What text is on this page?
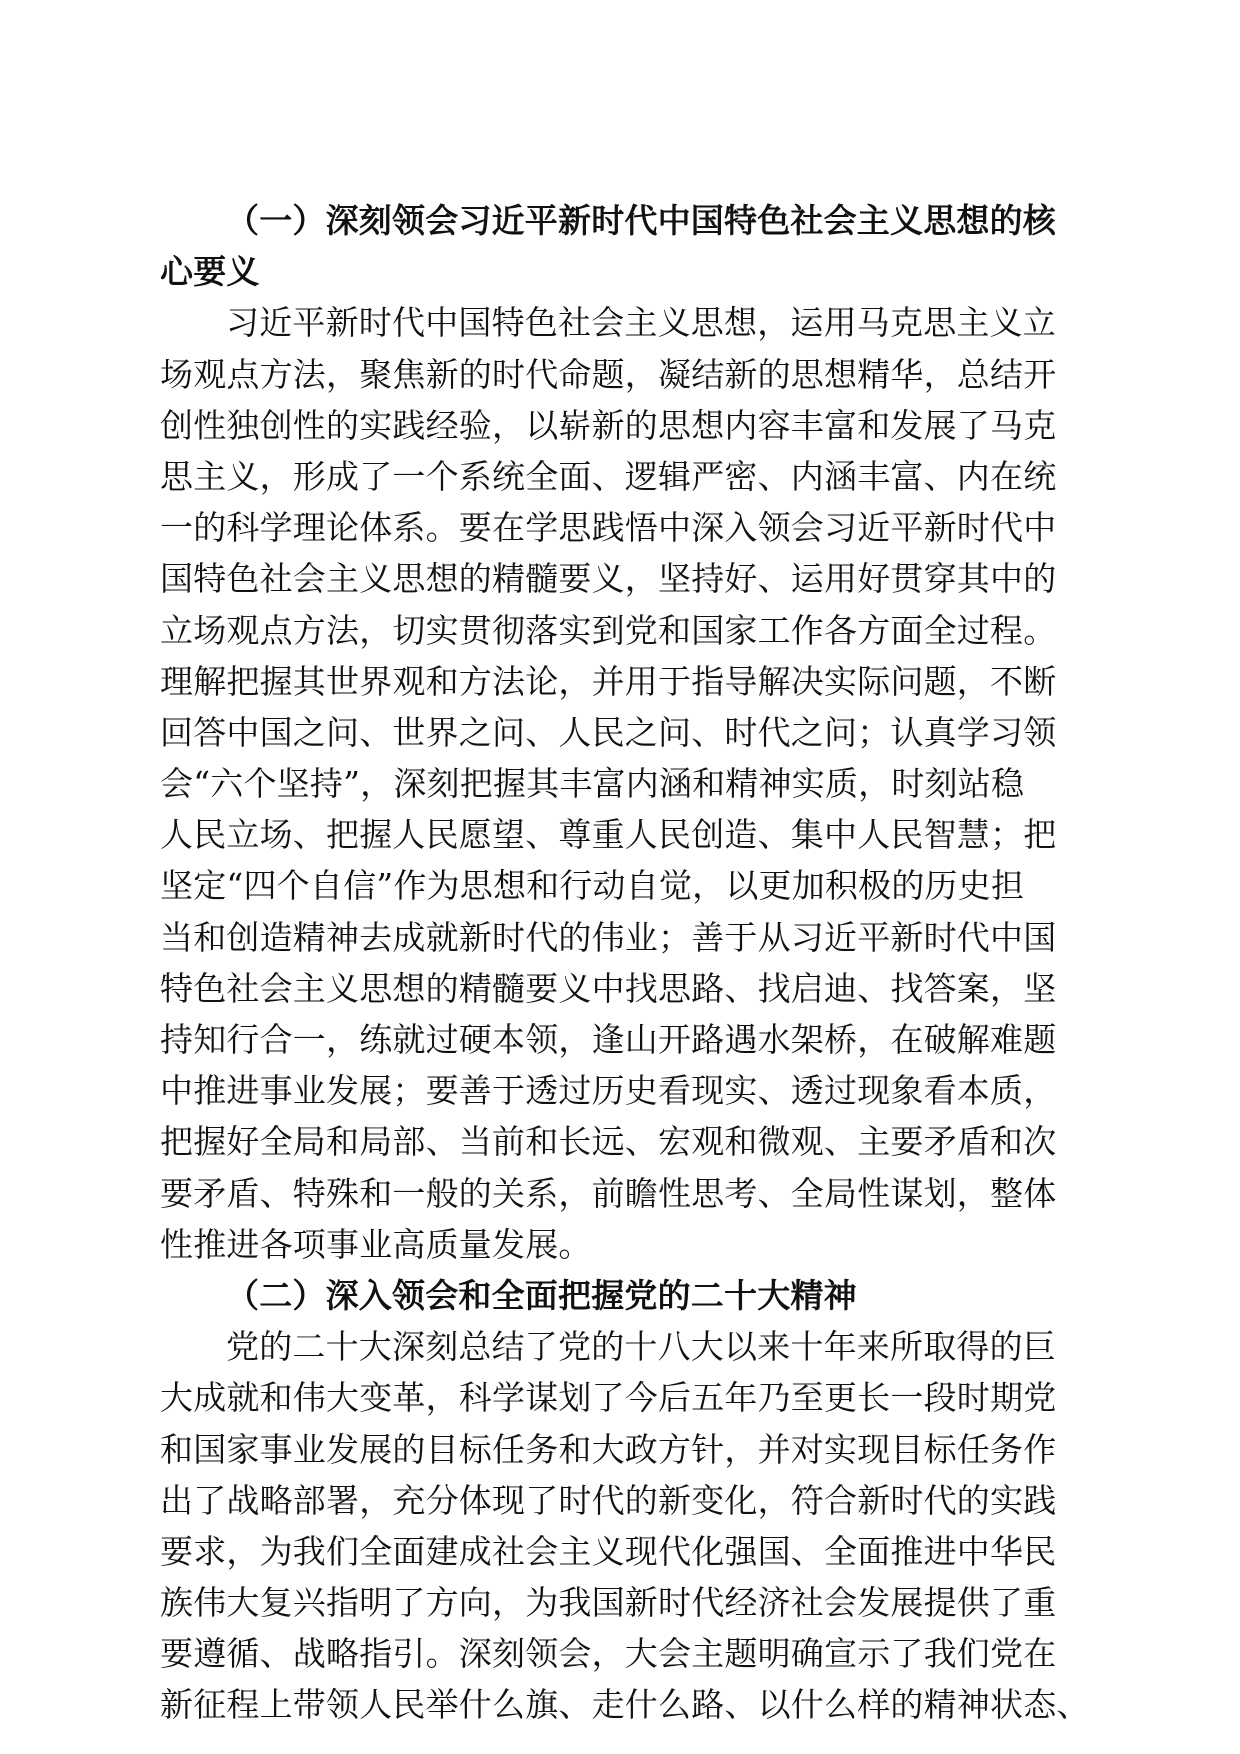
（一）深刻领会习近平新时代中国特色社会主义思想的核
心要义
习近平新时代中国特色社会主义思想，运用马克思主义立
场观点方法，聚焦新的时代命题，凝结新的思想精华，总结开
创性独创性的实践经验，以崭新的思想内容丰富和发展了马克
思主义，形成了一个系统全面、逻辑严密、内涵丰富、内在统
一的科学理论体系。要在学思践悟中深入领会习近平新时代中
国特色社会主义思想的精髓要义，坚持好、运用好贯穿其中的
立场观点方法，切实贯彻落实到党和国家工作各方面全过程。
理解把握其世界观和方法论，并用于指导解决实际问题，不断
回答中国之问、世界之问、人民之问、时代之问；认真学习领
会“六个坚持”，深刻把握其丰富内涵和精神实质，时刻站稳
人民立场、把握人民愿望、尊重人民创造、集中人民智慧；把
坚定“四个自信”作为思想和行动自觉，以更加积极的历史担
当和创造精神去成就新时代的伟业；善于从习近平新时代中国
特色社会主义思想的精髓要义中找思路、找启迪、找答案，坚
持知行合一，练就过硬本领，逢山开路遇水架桥，在破解难题
中推进事业发展；要善于透过历史看现实、透过现象看本质，
把握好全局和局部、当前和长远、宏观和微观、主要矛盾和次
要矛盾、特殊和一般的关系，前瞻性思考、全局性谋划，整体
性推进各项事业高质量发展。
（二）深入领会和全面把握党的二十大精神
党的二十大深刻总结了党的十八大以来十年来所取得的巨
大成就和伟大变革，科学谋划了今后五年乃至更长一段时期党
和国家事业发展的目标任务和大政方针，并对实现目标任务作
出了战略部署，充分体现了时代的新变化，符合新时代的实践
要求，为我们全面建成社会主义现代化强国、全面推进中华民
族伟大复兴指明了方向，为我国新时代经济社会发展提供了重
要遵循、战略指引。深刻领会，大会主题明确宣示了我们党在
新征程上带领人民举什么旗、走什么路、以什么样的精神状态、
